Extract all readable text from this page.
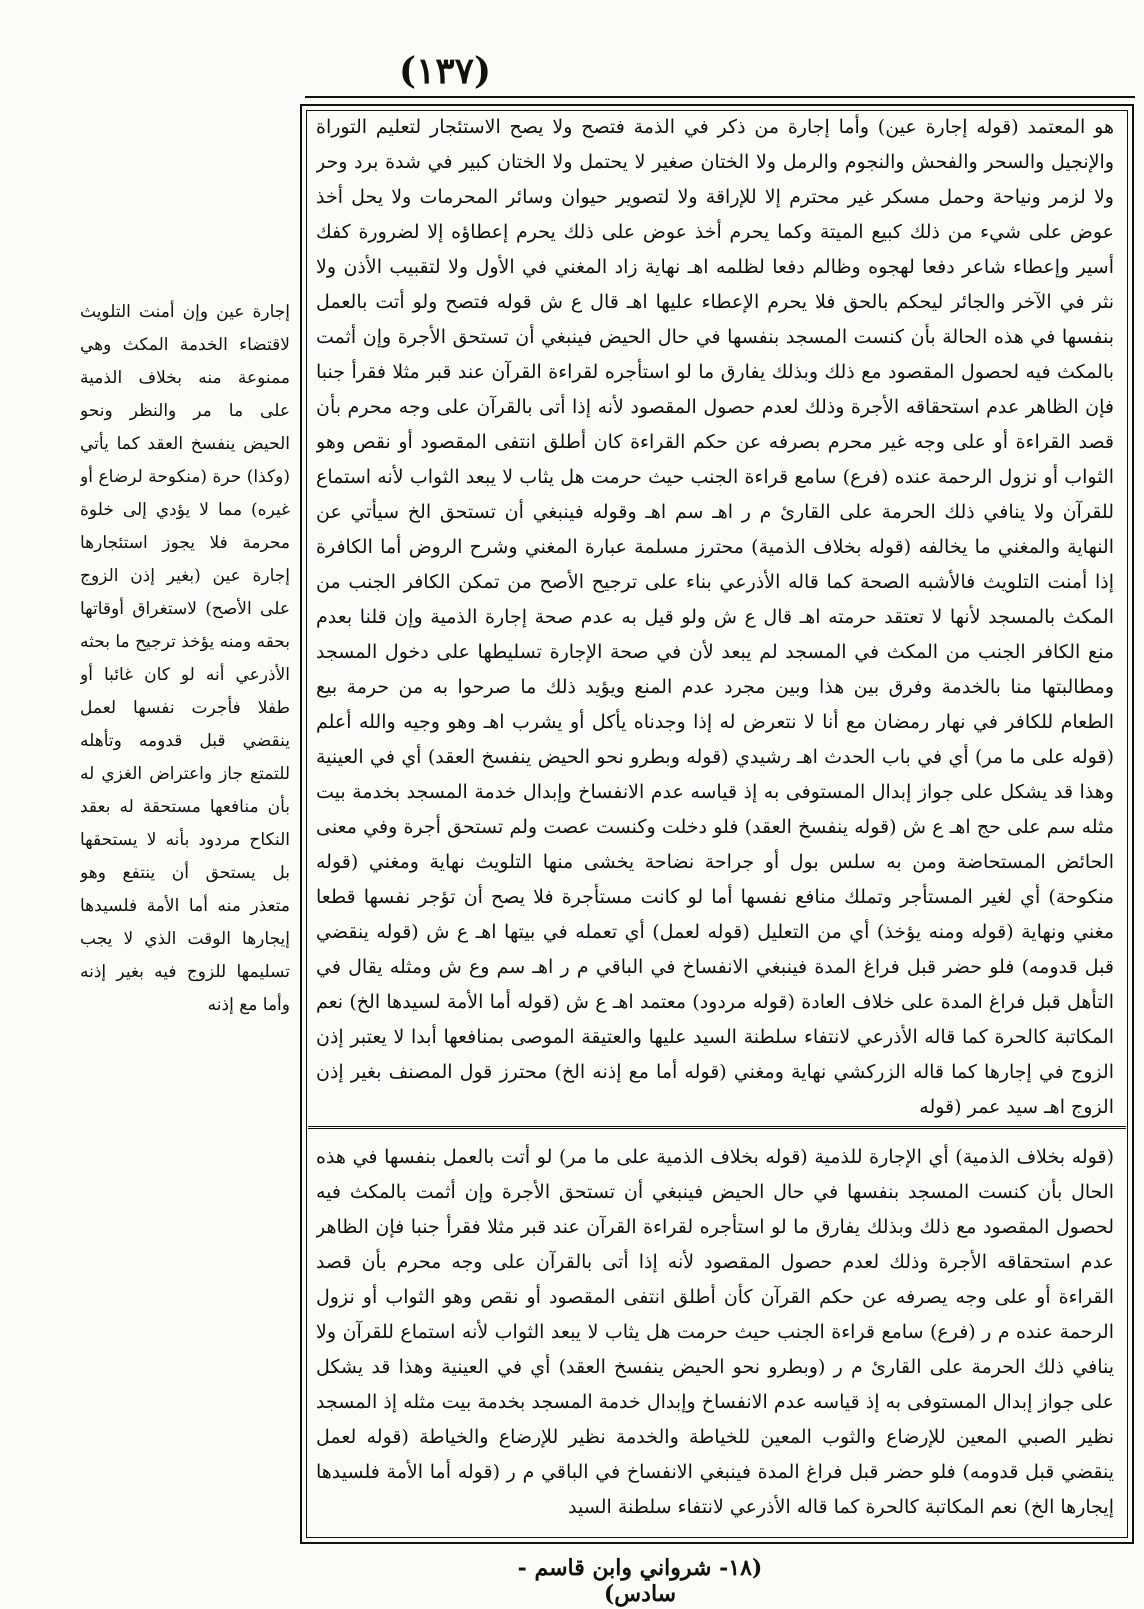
(١٣٧)
هو المعتمد (قوله إجارة عين) وأما إجارة من ذكر في الذمة فتصح ولا يصح الاستئجار لتعليم التوراة والإنجيل والسحر والفحش والنجوم والرمل ولا الختان صغير لا يحتمل ولا الختان كبير في شدة برد وحر ولا لزمر ونياحة وحمل مسكر غير محترم إلا للإراقة ولا لتصوير حيوان وسائر المحرمات ولا يحل أخذ عوض على شيء من ذلك كبيع الميتة وكما يحرم أخذ عوض على ذلك يحرم إعطاؤه إلا لضرورة كفك أسير وإعطاء شاعر دفعا لهجوه وظالم دفعا لظلمه اهـ نهاية زاد المغني في الأول ولا لتقبيب الأذن ولا نثر في الآخر والجائر ليحكم بالحق فلا يحرم الإعطاء عليها اهـ قال ع ش قوله فتصح ولو أتت بالعمل بنفسها في هذه الحالة بأن كنست المسجد بنفسها في حال الحيض فينبغي أن تستحق الأجرة وإن أثمت بالمكث فيه لحصول المقصود مع ذلك وبذلك يفارق ما لو استأجره لقراءة القرآن عند قبر مثلا فقرأ جنبا فإن الظاهر عدم استحقاقه الأجرة وذلك لعدم حصول المقصود لأنه إذا أتى بالقرآن على وجه محرم بأن قصد القراءة أو على وجه غير محرم بصرفه عن حكم القراءة كان أطلق انتفى المقصود أو نقص وهو الثواب أو نزول الرحمة عنده (فرع) سامع قراءة الجنب حيث حرمت هل يثاب لا يبعد الثواب لأنه استماع للقرآن ولا ينافي ذلك الحرمة على القارئ م ر اهـ سم اهـ وقوله فينبغي أن تستحق الخ سيأتي عن النهاية والمغني ما يخالفه (قوله بخلاف الذمية) محترز مسلمة عبارة المغني وشرح الروض أما الكافرة إذا أمنت التلويث فالأشبه الصحة كما قاله الأذرعي بناء على ترجيح الأصح من تمكن الكافر الجنب من المكث بالمسجد لأنها لا تعتقد حرمته اهـ قال ع ش ولو قيل به عدم صحة إجارة الذمية وإن قلنا بعدم منع الكافر الجنب من المكث في المسجد لم يبعد لأن في صحة الإجارة تسليطها على دخول المسجد ومطالبتها منا بالخدمة وفرق بين هذا وبين مجرد عدم المنع ويؤيد ذلك ما صرحوا به من حرمة بيع الطعام للكافر في نهار رمضان مع أنا لا نتعرض له إذا وجدناه يأكل أو يشرب اهـ وهو وجيه والله أعلم (قوله على ما مر) أي في باب الحدث اهـ رشيدي (قوله وبطرو نحو الحيض ينفسخ العقد) أي في العينية وهذا قد يشكل على جواز إبدال المستوفى به إذ قياسه عدم الانفساخ وإبدال خدمة المسجد بخدمة بيت مثله سم على حج اهـ ع ش (قوله ينفسخ العقد) فلو دخلت وكنست عصت ولم تستحق أجرة وفي معنى الحائض المستحاضة ومن به سلس بول أو جراحة نضاحة يخشى منها التلويث نهاية ومغني (قوله منكوحة) أي لغير المستأجر وتملك منافع نفسها أما لو كانت مستأجرة فلا يصح أن تؤجر نفسها قطعا مغني ونهاية (قوله ومنه يؤخذ) أي من التعليل (قوله لعمل) أي تعمله في بيتها اهـ ع ش (قوله ينقضي قبل قدومه) فلو حضر قبل فراغ المدة فينبغي الانفساخ في الباقي م ر اهـ سم وع ش ومثله يقال في التأهل قبل فراغ المدة على خلاف العادة (قوله مردود) معتمد اهـ ع ش (قوله أما الأمة لسيدها الخ) نعم المكاتبة كالحرة كما قاله الأذرعي لانتفاء سلطنة السيد عليها والعتيقة الموصى بمنافعها أبدا لا يعتبر إذن الزوج في إجارها كما قاله الزركشي نهاية ومغني (قوله أما مع إذنه الخ) محترز قول المصنف بغير إذن الزوج اهـ سيد عمر (قوله
(قوله بخلاف الذمية) أي الإجارة للذمية (قوله بخلاف الذمية على ما مر) لو أتت بالعمل بنفسها في هذه الحال بأن كنست المسجد بنفسها في حال الحيض فينبغي أن تستحق الأجرة وإن أثمت بالمكث فيه لحصول المقصود مع ذلك وبذلك يفارق ما لو استأجره لقراءة القرآن عند قبر مثلا فقرأ جنبا فإن الظاهر عدم استحقاقه الأجرة وذلك لعدم حصول المقصود لأنه إذا أتى بالقرآن على وجه محرم بأن قصد القراءة أو على وجه يصرفه عن حكم القرآن كأن أطلق انتفى المقصود أو نقص وهو الثواب أو نزول الرحمة عنده م ر (فرع) سامع قراءة الجنب حيث حرمت هل يثاب لا يبعد الثواب لأنه استماع للقرآن ولا ينافي ذلك الحرمة على القارئ م ر (وبطرو نحو الحيض ينفسخ العقد) أي في العينية وهذا قد يشكل على جواز إبدال المستوفى به إذ قياسه عدم الانفساخ وإبدال خدمة المسجد بخدمة بيت مثله إذ المسجد نظير الصبي المعين للإرضاع والثوب المعين للخياطة والخدمة نظير للإرضاع والخياطة (قوله لعمل ينقضي قبل قدومه) فلو حضر قبل فراغ المدة فينبغي الانفساخ في الباقي م ر (قوله أما الأمة فلسيدها إيجارها الخ) نعم المكاتبة كالحرة كما قاله الأذرعي لانتفاء سلطنة السيد
إجارة عين وإن أمنت التلويث لاقتضاء الخدمة المكث وهي ممنوعة منه بخلاف الذمية على ما مر والنظر ونحو الحيض ينفسخ العقد كما يأتي (وكذا) حرة (منكوحة لرضاع أو غيره) مما لا يؤدي إلى خلوة محرمة فلا يجوز استئجارها إجارة عين (بغير إذن الزوج على الأصح) لاستغراق أوقاتها بحقه ومنه يؤخذ ترجيح ما بحثه الأذرعي أنه لو كان غائبا أو طفلا فأجرت نفسها لعمل ينقضي قبل قدومه وتأهله للتمتع جاز واعتراض الغزي له بأن منافعها مستحقة له بعقد النكاح مردود بأنه لا يستحقها بل يستحق أن ينتفع وهو متعذر منه أما الأمة فلسيدها إيجارها الوقت الذي لا يجب تسليمها للزوج فيه بغير إذنه وأما مع إذنه
(١٨- شرواني وابن قاسم - سادس)
